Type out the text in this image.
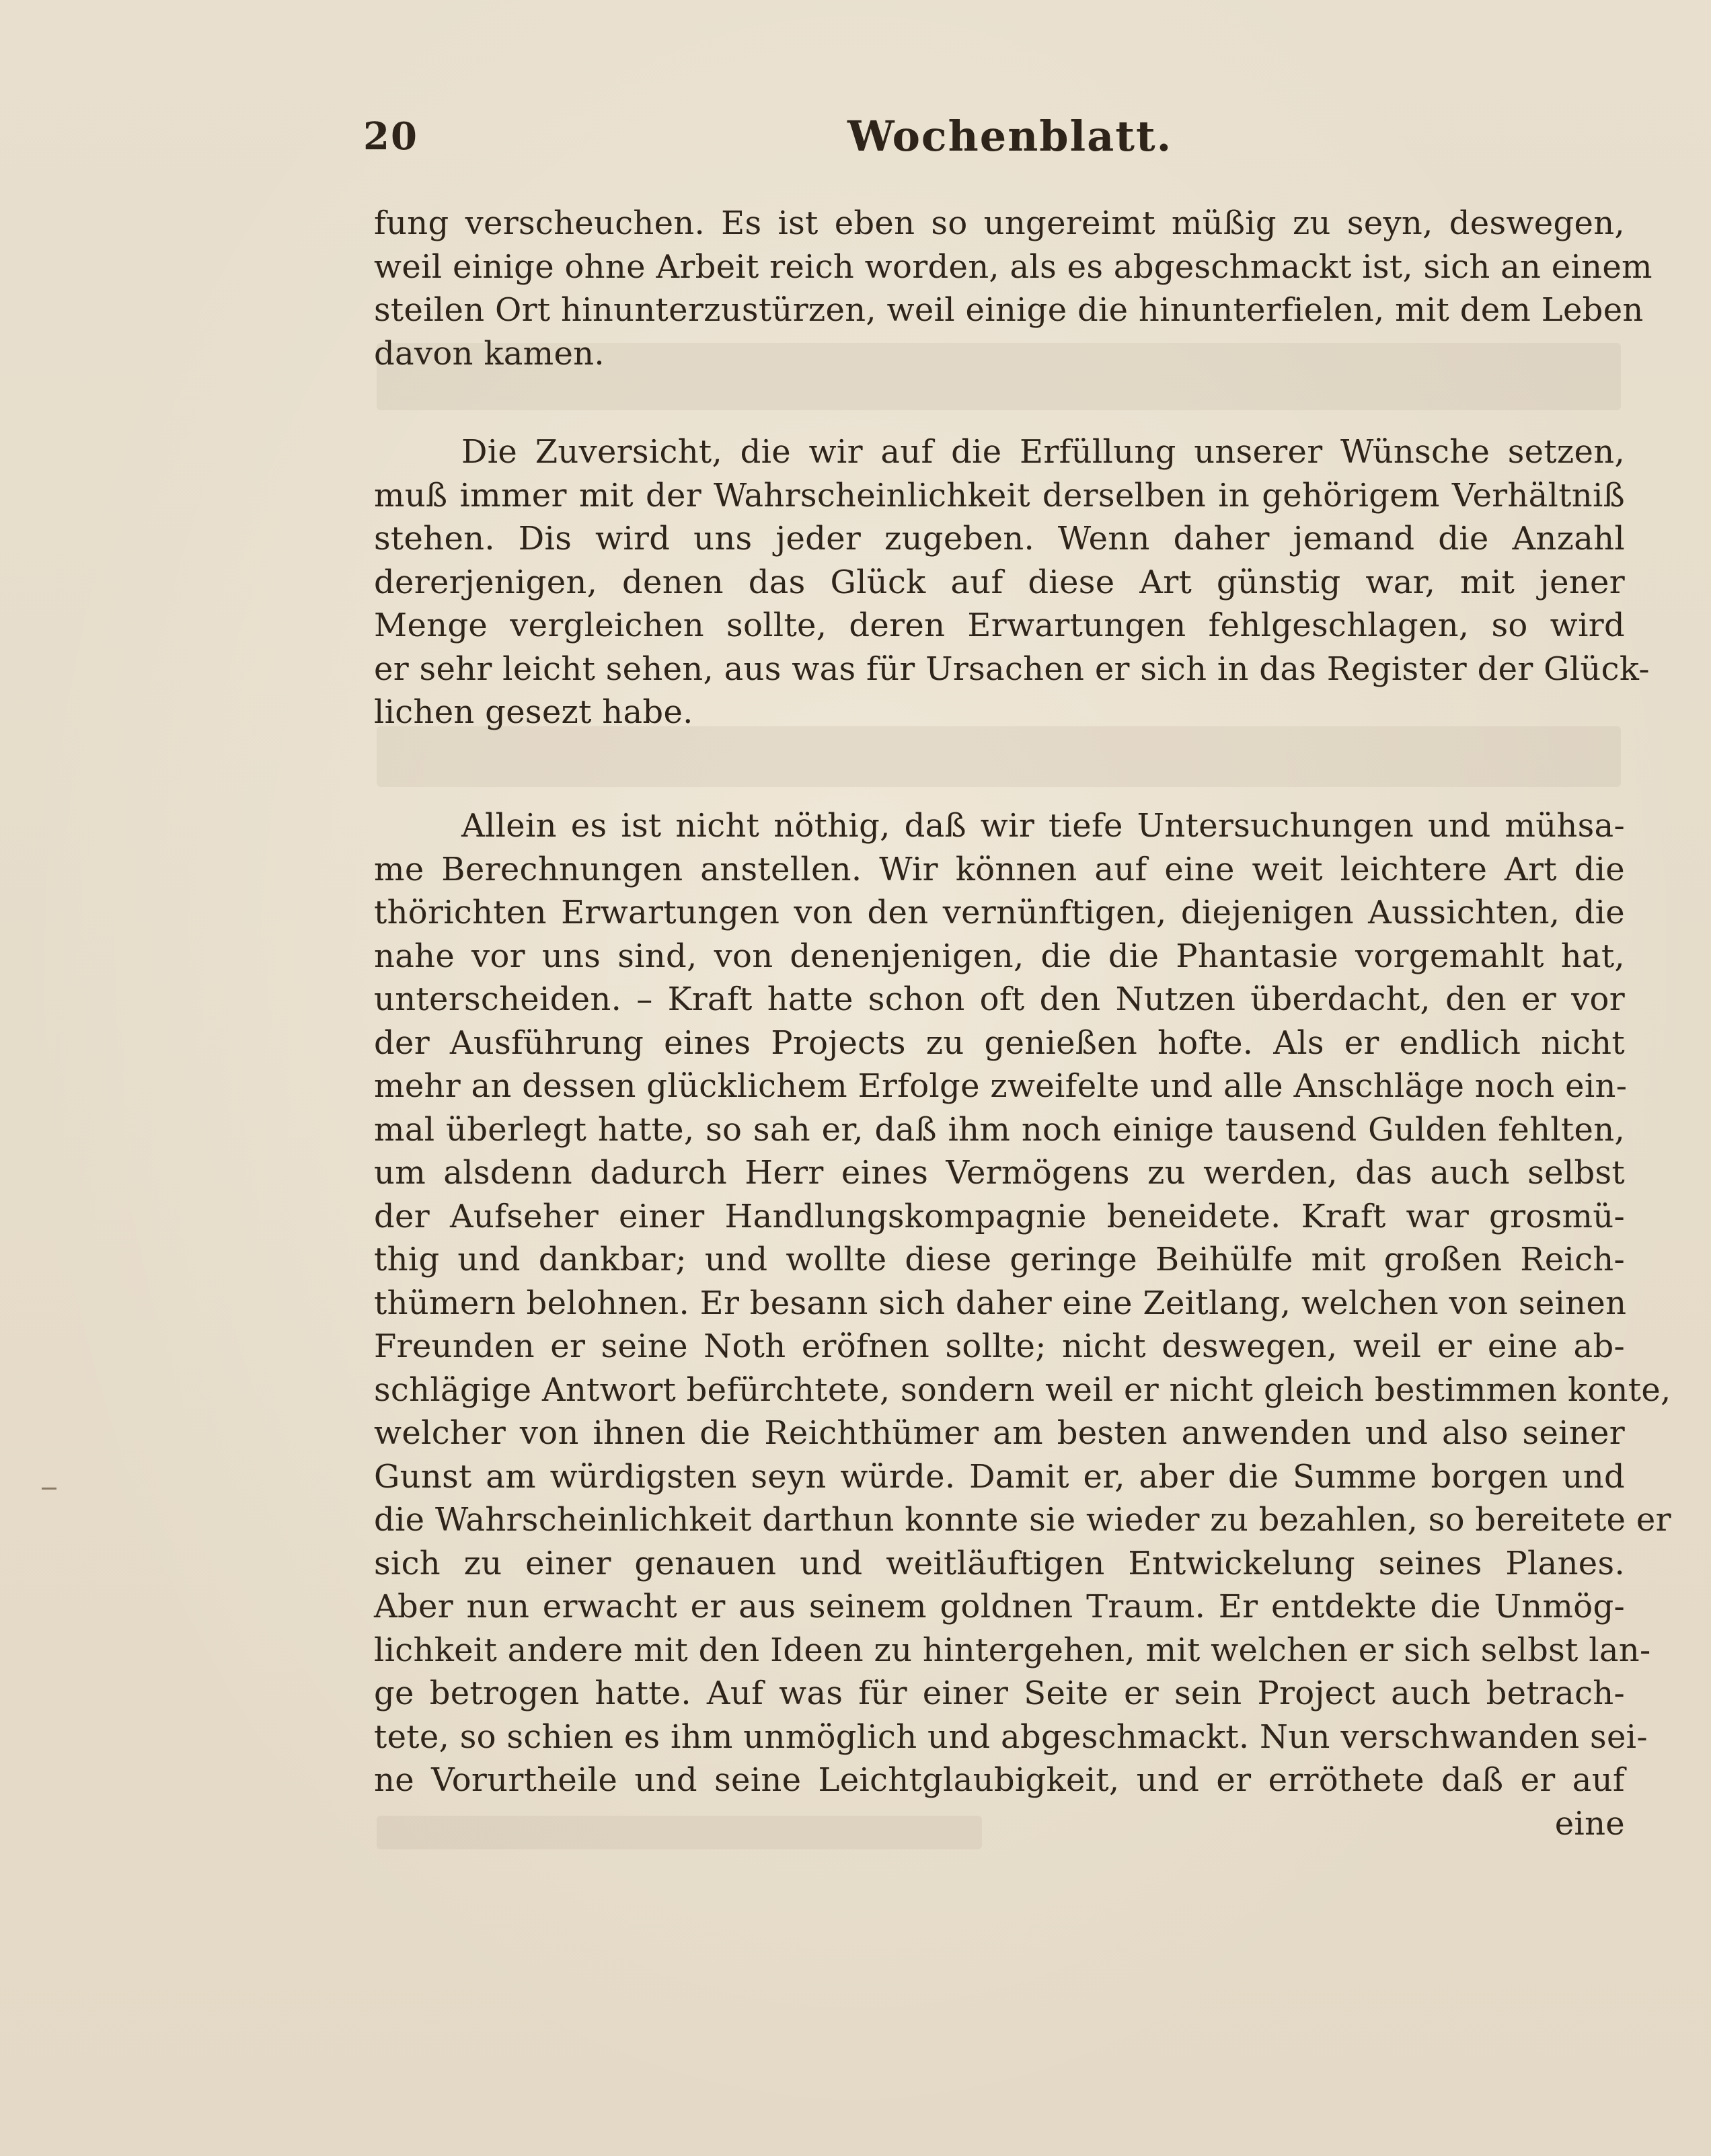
20	Wochenblatt.
fung verscheuchen. Es ist eben so ungereimt müßig zu seyn, deswegen,
weil einige ohne Arbeit reich worden, als es abgeschmackt ist, sich an einem
steilen Ort hinunterzustürzen, weil einige die hinunterfielen, mit dem Leben
davon kamen.
Die Zuversicht, die wir auf die Erfüllung unserer Wünsche setzen,
muß immer mit der Wahrscheinlichkeit derselben in gehörigem Verhältniß
stehen. Dis wird uns jeder zugeben. Wenn daher jemand die Anzahl
dererjenigen, denen das Glück auf diese Art günstig war, mit jener
Menge vergleichen sollte, deren Erwartungen fehlgeschlagen, so wird
er sehr leicht sehen, aus was für Ursachen er sich in das Register der Glück-
lichen gesezt habe.
Allein es ist nicht nöthig, daß wir tiefe Untersuchungen und mühsa-
me Berechnungen anstellen. Wir können auf eine weit leichtere Art die
thörichten Erwartungen von den vernünftigen, diejenigen Aussichten, die
nahe vor uns sind, von denenjenigen, die die Phantasie vorgemahlt hat,
unterscheiden. – Kraft hatte schon oft den Nutzen überdacht, den er vor
der Ausführung eines Projects zu genießen hofte. Als er endlich nicht
mehr an dessen glücklichem Erfolge zweifelte und alle Anschläge noch ein-
mal überlegt hatte, so sah er, daß ihm noch einige tausend Gulden fehlten,
um alsdenn dadurch Herr eines Vermögens zu werden, das auch selbst
der Aufseher einer Handlungskompagnie beneidete. Kraft war grosmü-
thig und dankbar; und wollte diese geringe Beihülfe mit großen Reich-
thümern belohnen. Er besann sich daher eine Zeitlang, welchen von seinen
Freunden er seine Noth eröfnen sollte; nicht deswegen, weil er eine ab-
schlägige Antwort befürchtete, sondern weil er nicht gleich bestimmen konte,
welcher von ihnen die Reichthümer am besten anwenden und also seiner
Gunst am würdigsten seyn würde. Damit er, aber die Summe borgen und
die Wahrscheinlichkeit darthun konnte sie wieder zu bezahlen, so bereitete er
sich zu einer genauen und weitläuftigen Entwickelung seines Planes.
Aber nun erwacht er aus seinem goldnen Traum. Er entdekte die Unmög-
lichkeit andere mit den Ideen zu hintergehen, mit welchen er sich selbst lan-
ge betrogen hatte. Auf was für einer Seite er sein Project auch betrach-
tete, so schien es ihm unmöglich und abgeschmackt. Nun verschwanden sei-
ne Vorurtheile und seine Leichtglaubigkeit, und er erröthete daß er auf
eine
